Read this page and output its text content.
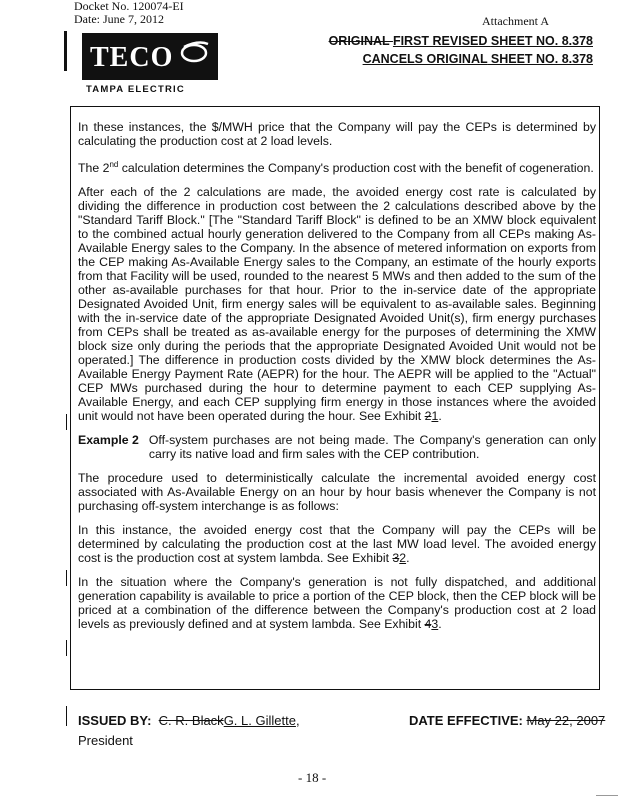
Docket No. 120074-EI
Date: June 7, 2012	Attachment A
ORIGINAL FIRST REVISED SHEET NO. 8.378
CANCELS ORIGINAL SHEET NO. 8.378
TECO
TAMPA ELECTRIC

In these instances, the $/MWH price that the Company will pay the CEPs is determined by calculating the production cost at 2 load levels.

The 2nd calculation determines the Company's production cost with the benefit of cogeneration.

After each of the 2 calculations are made, the avoided energy cost rate is calculated by dividing the difference in production cost between the 2 calculations described above by the "Standard Tariff Block." [The "Standard Tariff Block" is defined to be an XMW block equivalent to the combined actual hourly generation delivered to the Company from all CEPs making As-Available Energy sales to the Company. In the absence of metered information on exports from the CEP making As-Available Energy sales to the Company, an estimate of the hourly exports from that Facility will be used, rounded to the nearest 5 MWs and then added to the sum of the other as-available purchases for that hour. Prior to the in-service date of the appropriate Designated Avoided Unit, firm energy sales will be equivalent to as-available sales. Beginning with the in-service date of the appropriate Designated Avoided Unit(s), firm energy purchases from CEPs shall be treated as as-available energy for the purposes of determining the XMW block size only during the periods that the appropriate Designated Avoided Unit would not be operated.] The difference in production costs divided by the XMW block determines the As-Available Energy Payment Rate (AEPR) for the hour. The AEPR will be applied to the "Actual" CEP MWs purchased during the hour to determine payment to each CEP supplying As-Available Energy, and each CEP supplying firm energy in those instances where the avoided unit would not have been operated during the hour. See Exhibit 21.

Example 2 Off-system purchases are not being made. The Company's generation can only carry its native load and firm sales with the CEP contribution.

The procedure used to deterministically calculate the incremental avoided energy cost associated with As-Available Energy on an hour by hour basis whenever the Company is not purchasing off-system interchange is as follows:

In this instance, the avoided energy cost that the Company will pay the CEPs will be determined by calculating the production cost at the last MW load level. The avoided energy cost is the production cost at system lambda. See Exhibit 32.

In the situation where the Company's generation is not fully dispatched, and additional generation capability is available to price a portion of the CEP block, then the CEP block will be priced at a combination of the difference between the Company's production cost at 2 load levels as previously defined and at system lambda. See Exhibit 43.

ISSUED BY: C. R. BlackG. L. Gillette,
President
DATE EFFECTIVE: May 22, 2007
- 18 -
